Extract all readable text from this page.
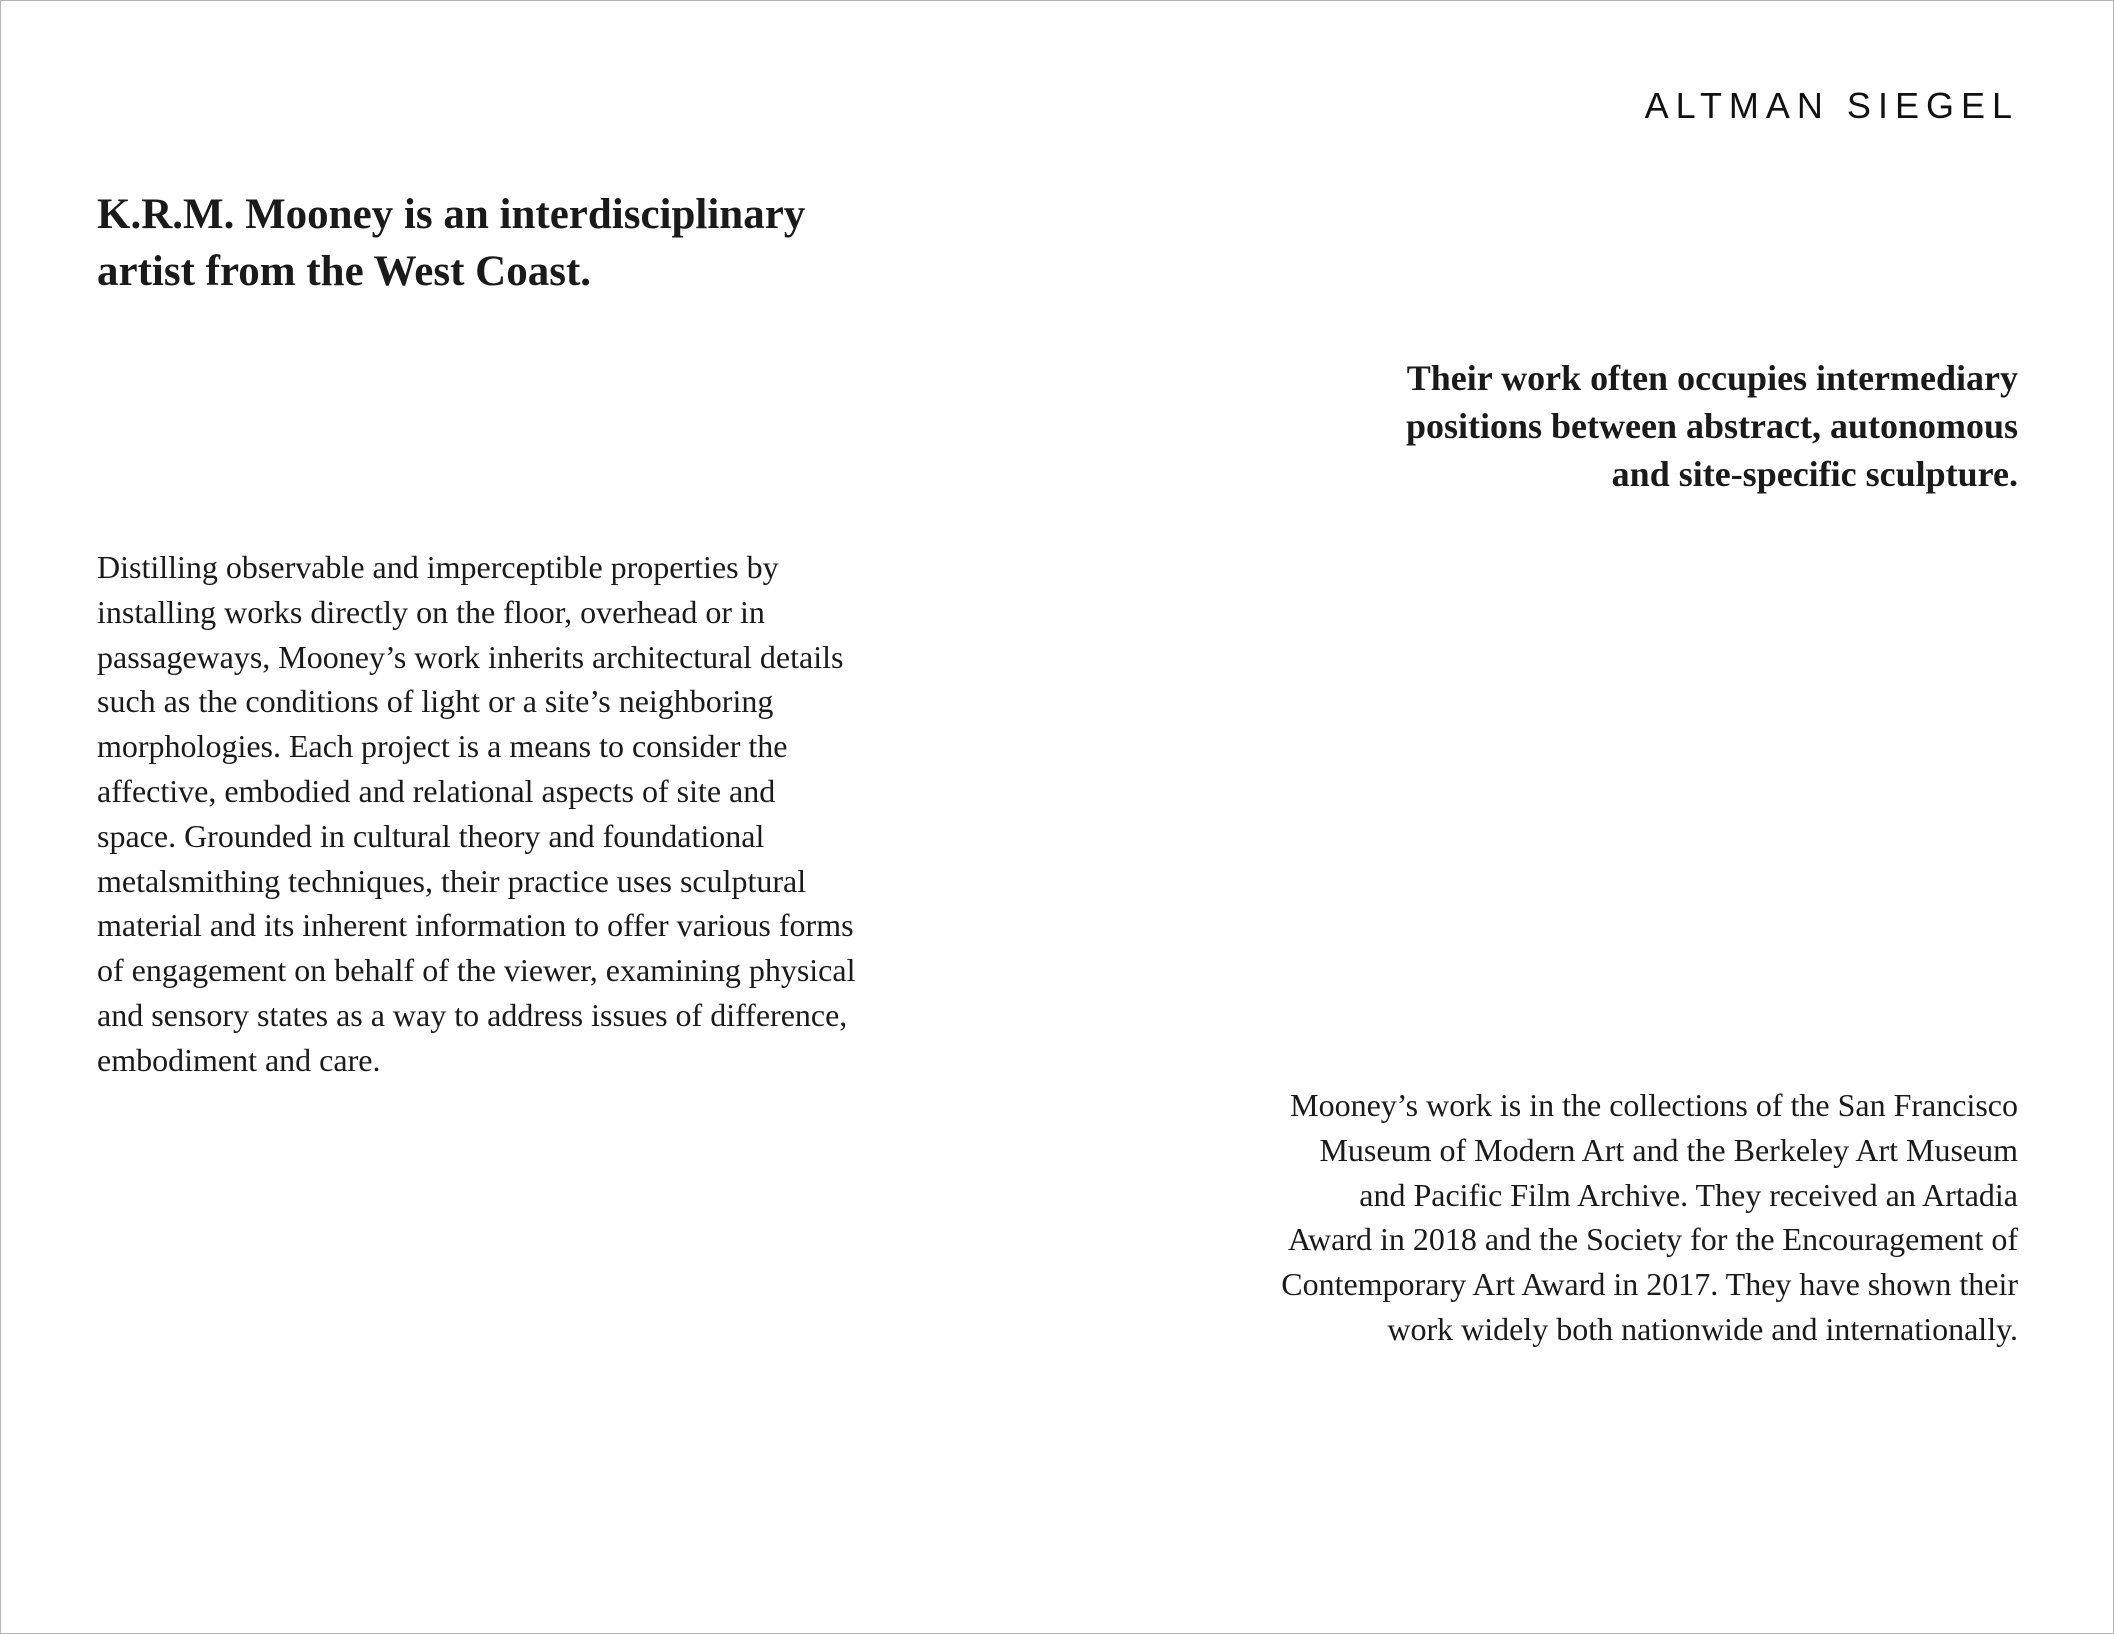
ALTMAN SIEGEL
K.R.M. Mooney is an interdisciplinary
artist from the West Coast.

Their work often occupies intermediary
positions between abstract, autonomous
and site-specific sculpture.

Distilling observable and imperceptible properties by
installing works directly on the floor, overhead or in
passageways, Mooney’s work inherits architectural details
such as the conditions of light or a site’s neighboring
morphologies. Each project is a means to consider the
affective, embodied and relational aspects of site and
space. Grounded in cultural theory and foundational
metalsmithing techniques, their practice uses sculptural
material and its inherent information to offer various forms
of engagement on behalf of the viewer, examining physical
and sensory states as a way to address issues of difference,
embodiment and care.

Mooney’s work is in the collections of the San Francisco
Museum of Modern Art and the Berkeley Art Museum
and Pacific Film Archive. They received an Artadia
Award in 2018 and the Society for the Encouragement of
Contemporary Art Award in 2017. They have shown their
work widely both nationwide and internationally.
